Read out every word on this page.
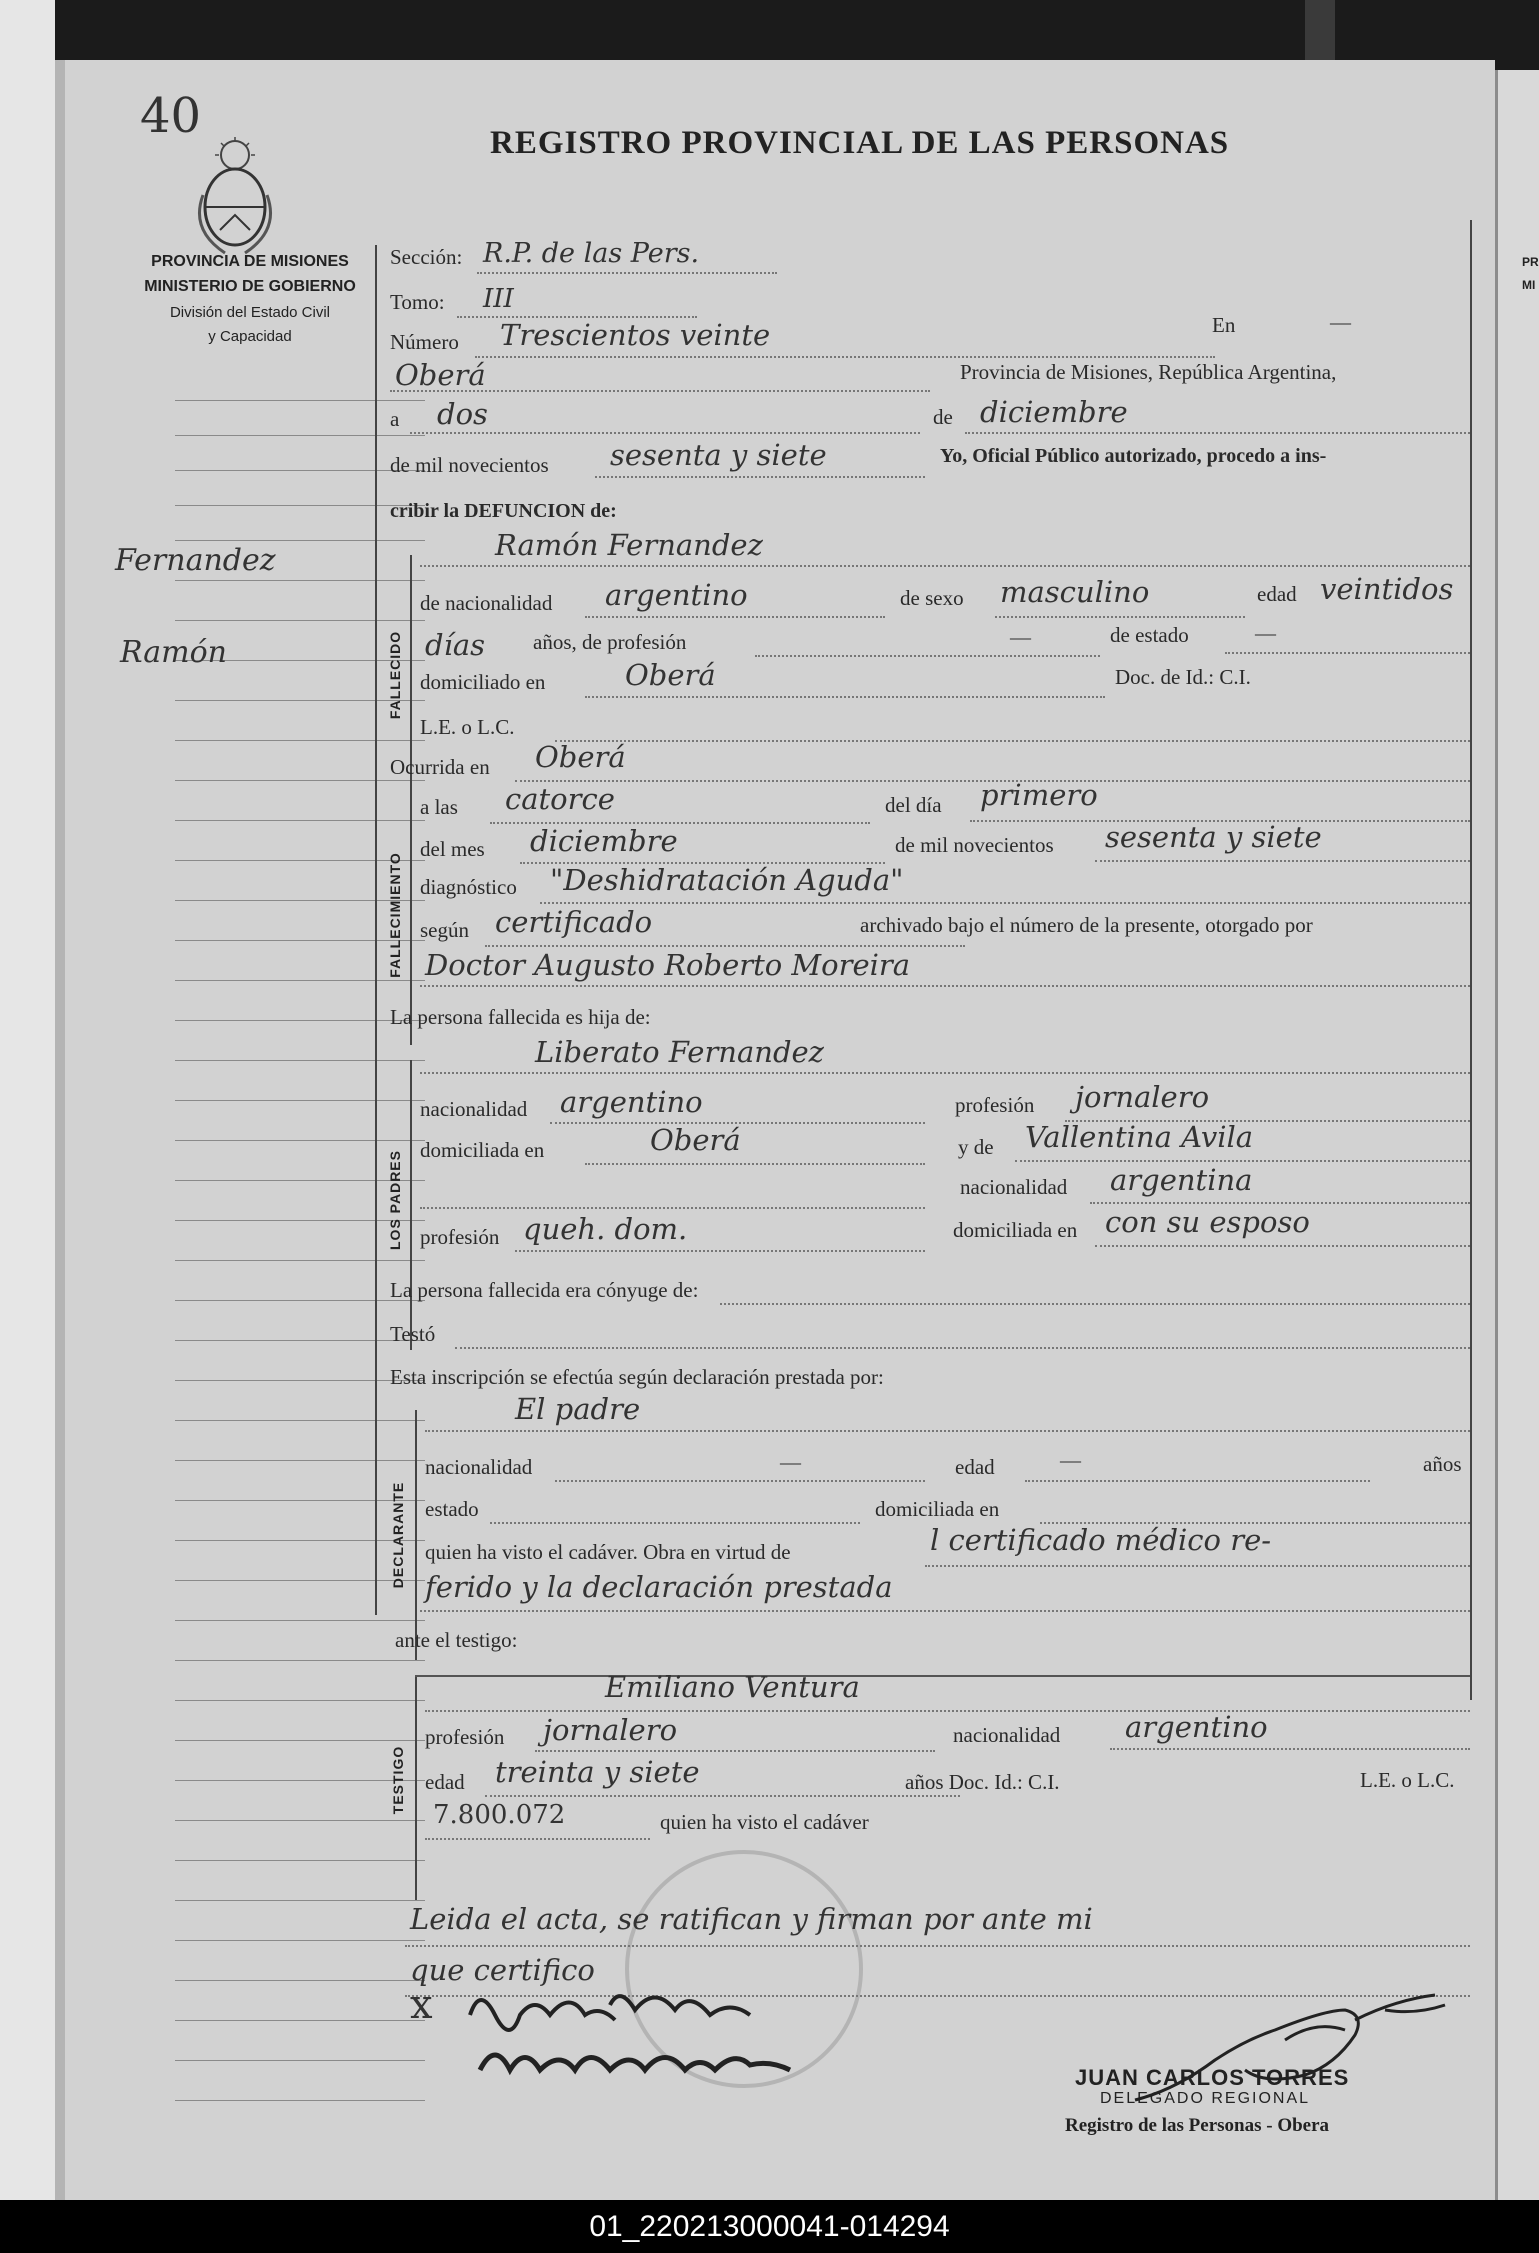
PR
MI
40	REGISTRO PROVINCIAL DE LAS PERSONAS
PROVINCIA DE MISIONES
MINISTERIO DE GOBIERNO
División del Estado Civil
y Capacidad
Fernandez
Ramón
Sección: R.P. de las Pers.
Tomo: III
Número Trescientos veinte	En	—
Oberá	Provincia de Misiones, República Argentina,
a dos	de diciembre
de mil novecientos sesenta y siete	Yo, Oficial Público autorizado, procedo a ins-
cribir la DEFUNCION de:
FALLECIDO
Ramón Fernandez
de nacionalidad argentino	de sexo masculino	edad veintidos
días años, de profesión	—	de estado	—
domiciliado en	Oberá	Doc. de Id.: C.I.
L.E. o L.C.
Ocurrida en Oberá
FALLECIMIENTO
a las catorce	del día primero
del mes diciembre	de mil novecientos sesenta y siete
diagnóstico "Deshidratación Aguda"
según certificado	archivado bajo el número de la presente, otorgado por
Doctor Augusto Roberto Moreira
La persona fallecida es hija de:
LOS PADRES
Liberato Fernandez
nacionalidad argentino	profesión jornalero
domiciliada en	Oberá	y de Vallentina Avila
nacionalidad argentina
profesión queh. dom.	domiciliada en con su esposo
La persona fallecida era cónyuge de:
Testó
Esta inscripción se efectúa según declaración prestada por:
DECLARANTE
El padre
nacionalidad	—	edad	—	años
estado	domiciliada en
quien ha visto el cadáver. Obra en virtud de	l certificado médico re-
ferido y la declaración prestada
ante el testigo:
TESTIGO
Emiliano Ventura
profesión jornalero	nacionalidad argentino
edad treinta y siete	años Doc. Id.: C.I.	L.E. o L.C.
7.800.072	quien ha visto el cadáver
Leida el acta, se ratifican y firman por ante mi
que certifico
x
JUAN CARLOS TORRES
DELEGADO REGIONAL
Registro de las Personas - Obera
01_220213000041-014294
